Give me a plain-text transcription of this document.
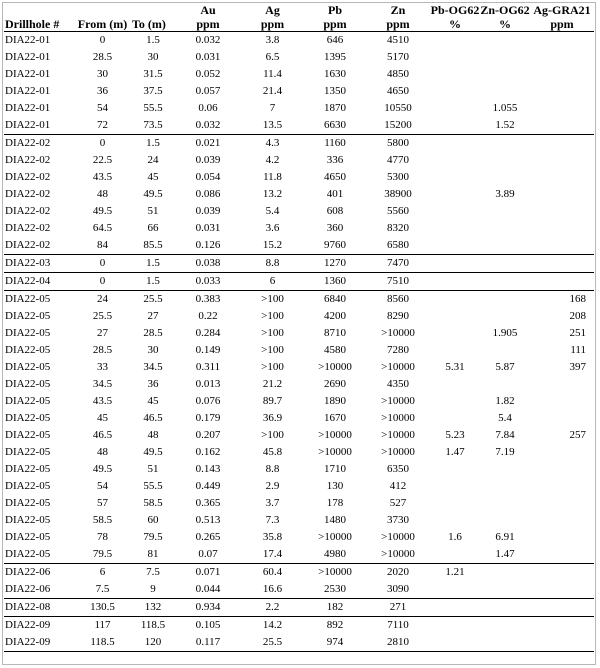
			Au	Ag	Pb	Zn	Pb-OG62	Zn-OG62	Ag-GRA21
Drillhole #	From (m)	To (m)	ppm	ppm	ppm	ppm	%	%	ppm
DIA22-01	0	1.5	0.032	3.8	646	4510			
DIA22-01	28.5	30	0.031	6.5	1395	5170			
DIA22-01	30	31.5	0.052	11.4	1630	4850			
DIA22-01	36	37.5	0.057	21.4	1350	4650			
DIA22-01	54	55.5	0.06	7	1870	10550		1.055	
DIA22-01	72	73.5	0.032	13.5	6630	15200		1.52	
DIA22-02	0	1.5	0.021	4.3	1160	5800			
DIA22-02	22.5	24	0.039	4.2	336	4770			
DIA22-02	43.5	45	0.054	11.8	4650	5300			
DIA22-02	48	49.5	0.086	13.2	401	38900		3.89	
DIA22-02	49.5	51	0.039	5.4	608	5560			
DIA22-02	64.5	66	0.031	3.6	360	8320			
DIA22-02	84	85.5	0.126	15.2	9760	6580			
DIA22-03	0	1.5	0.038	8.8	1270	7470			
DIA22-04	0	1.5	0.033	6	1360	7510			
DIA22-05	24	25.5	0.383	>100	6840	8560			168
DIA22-05	25.5	27	0.22	>100	4200	8290			208
DIA22-05	27	28.5	0.284	>100	8710	>10000		1.905	251
DIA22-05	28.5	30	0.149	>100	4580	7280			111
DIA22-05	33	34.5	0.311	>100	>10000	>10000	5.31	5.87	397
DIA22-05	34.5	36	0.013	21.2	2690	4350			
DIA22-05	43.5	45	0.076	89.7	1890	>10000		1.82	
DIA22-05	45	46.5	0.179	36.9	1670	>10000		5.4	
DIA22-05	46.5	48	0.207	>100	>10000	>10000	5.23	7.84	257
DIA22-05	48	49.5	0.162	45.8	>10000	>10000	1.47	7.19	
DIA22-05	49.5	51	0.143	8.8	1710	6350			
DIA22-05	54	55.5	0.449	2.9	130	412			
DIA22-05	57	58.5	0.365	3.7	178	527			
DIA22-05	58.5	60	0.513	7.3	1480	3730			
DIA22-05	78	79.5	0.265	35.8	>10000	>10000	1.6	6.91	
DIA22-05	79.5	81	0.07	17.4	4980	>10000		1.47	
DIA22-06	6	7.5	0.071	60.4	>10000	2020	1.21		
DIA22-06	7.5	9	0.044	16.6	2530	3090			
DIA22-08	130.5	132	0.934	2.2	182	271			
DIA22-09	117	118.5	0.105	14.2	892	7110			
DIA22-09	118.5	120	0.117	25.5	974	2810			
